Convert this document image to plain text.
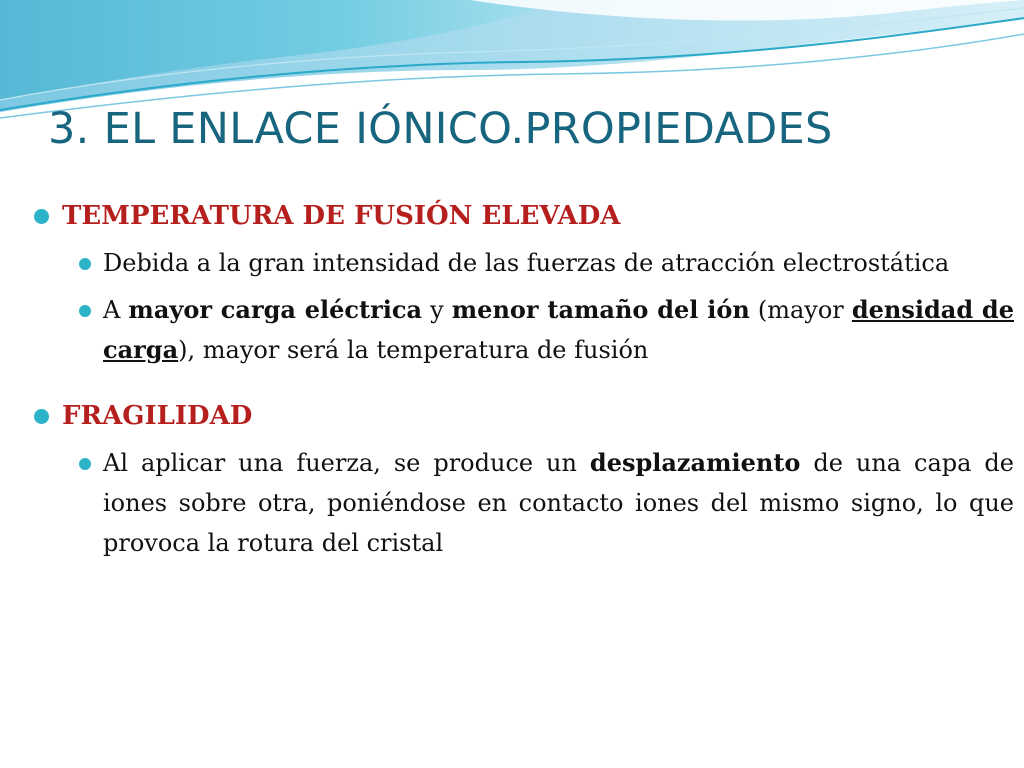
3. EL ENLACE IÓNICO.PROPIEDADES
TEMPERATURA DE FUSIÓN ELEVADA
Debida a la gran intensidad de las fuerzas de atracción electrostática
A mayor carga eléctrica y menor tamaño del ión (mayor densidad de carga), mayor será la temperatura de fusión
FRAGILIDAD
Al aplicar una fuerza, se produce un desplazamiento de una capa de iones sobre otra, poniéndose en contacto iones del mismo signo, lo que provoca la rotura del cristal
